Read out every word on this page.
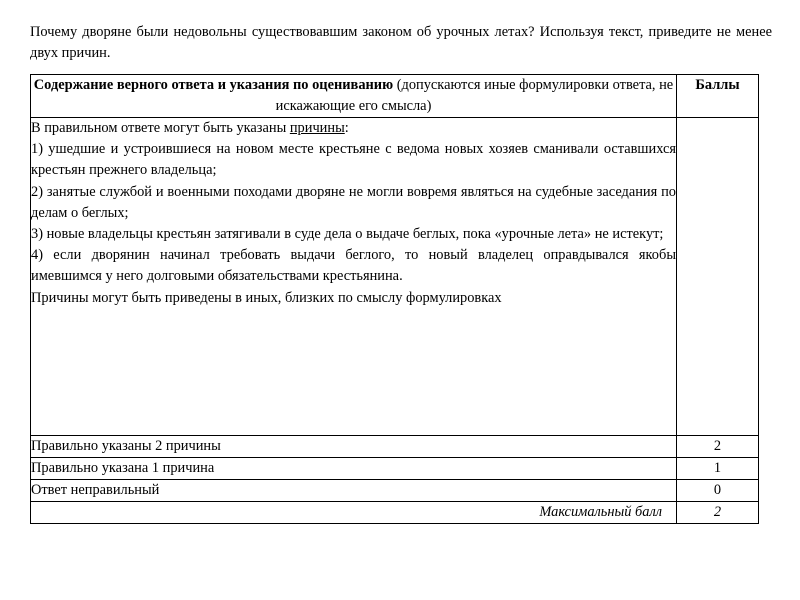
Почему дворяне были недовольны существовавшим законом об урочных летах? Используя текст, приведите не менее двух причин.

Содержание верного ответа и указания по оцениванию (допускаются иные формулировки ответа, не искажающие его смысла)	Баллы

В правильном ответе могут быть указаны причины:

1) ушедшие и устроившиеся на новом месте крестьяне с ведома новых хозяев сманивали оставшихся крестьян прежнего владельца;

2) занятые службой и военными походами дворяне не могли вовремя являться на судебные заседания по делам о беглых;

3) новые владельцы крестьян затягивали в суде дела о выдаче беглых, пока «урочные лета» не истекут;

4) если дворянин начинал требовать выдачи беглого, то новый владелец оправдывался якобы имевшимся у него долговыми обязательствами крестьянина.

Причины могут быть приведены в иных, близких по смыслу формулировках

Правильно указаны 2 причины	2
Правильно указана 1 причина	1
Ответ неправильный	0
Максимальный балл	2
